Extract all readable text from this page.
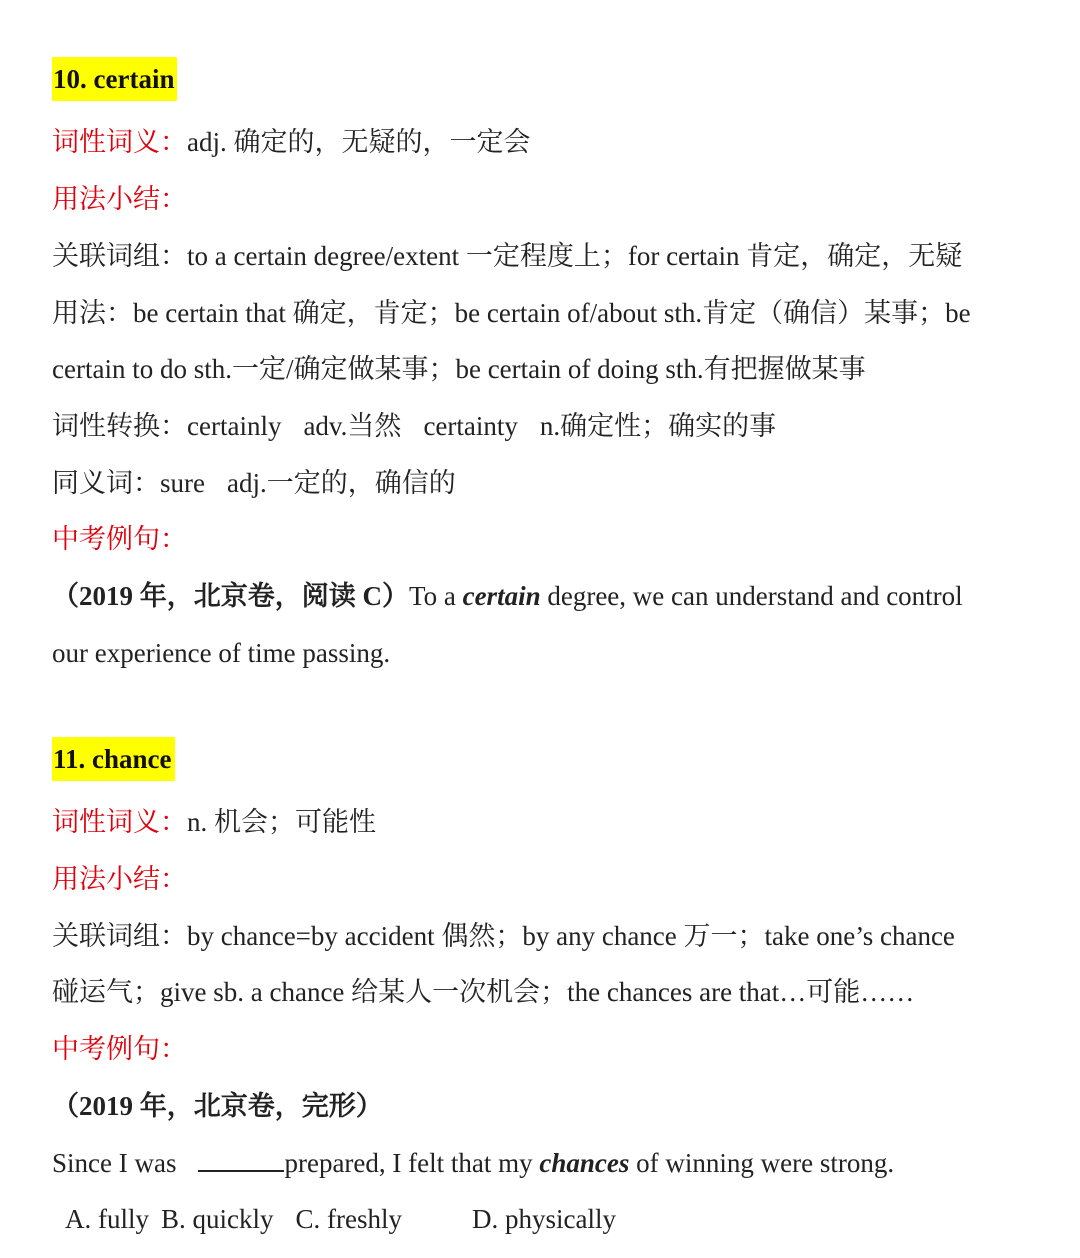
10. certain
词性词义：adj. 确定的，无疑的，一定会
用法小结：
关联词组：to a certain degree/extent 一定程度上；for certain 肯定，确定，无疑
用法：be certain that 确定，肯定；be certain of/about sth.肯定（确信）某事；be
certain to do sth.一定/确定做某事；be certain of doing sth.有把握做某事
词性转换：certainly adv.当然 certainty n.确定性；确实的事
同义词：sure adj.一定的，确信的
中考例句：
（2019 年，北京卷，阅读 C）To a certain degree, we can understand and control
our experience of time passing.
11. chance
词性词义：n. 机会；可能性
用法小结：
关联词组：by chance=by accident 偶然；by any chance 万一；take one’s chance
碰运气；give sb. a chance 给某人一次机会；the chances are that…可能……
中考例句：
（2019 年，北京卷，完形）
Since I was	prepared, I felt that my chances of winning were strong.
A. fully B. quickly C. freshly	D. physically
